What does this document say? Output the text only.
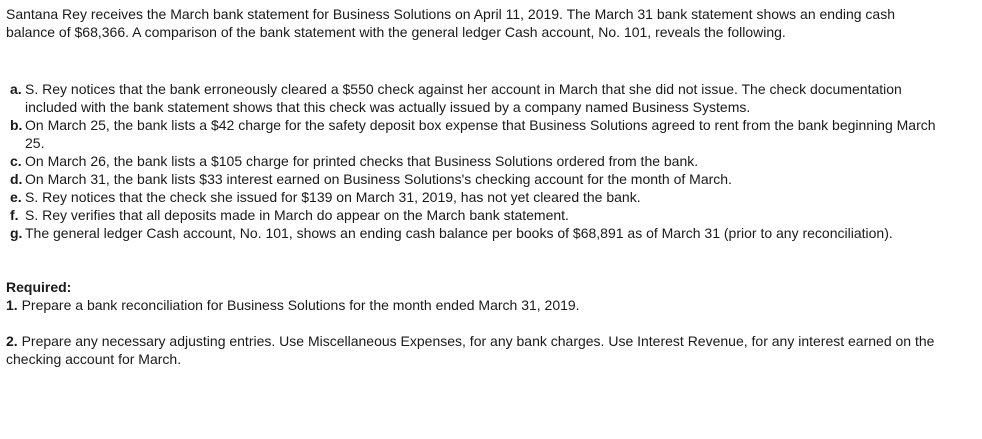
Santana Rey receives the March bank statement for Business Solutions on April 11, 2019. The March 31 bank statement shows an ending cash balance of $68,366. A comparison of the bank statement with the general ledger Cash account, No. 101, reveals the following.

a. S. Rey notices that the bank erroneously cleared a $550 check against her account in March that she did not issue. The check documentation included with the bank statement shows that this check was actually issued by a company named Business Systems.
b. On March 25, the bank lists a $42 charge for the safety deposit box expense that Business Solutions agreed to rent from the bank beginning March 25.
c. On March 26, the bank lists a $105 charge for printed checks that Business Solutions ordered from the bank.
d. On March 31, the bank lists $33 interest earned on Business Solutions's checking account for the month of March.
e. S. Rey notices that the check she issued for $139 on March 31, 2019, has not yet cleared the bank.
f. S. Rey verifies that all deposits made in March do appear on the March bank statement.
g. The general ledger Cash account, No. 101, shows an ending cash balance per books of $68,891 as of March 31 (prior to any reconciliation).

Required:

1. Prepare a bank reconciliation for Business Solutions for the month ended March 31, 2019.

2. Prepare any necessary adjusting entries. Use Miscellaneous Expenses, for any bank charges. Use Interest Revenue, for any interest earned on the checking account for March.
